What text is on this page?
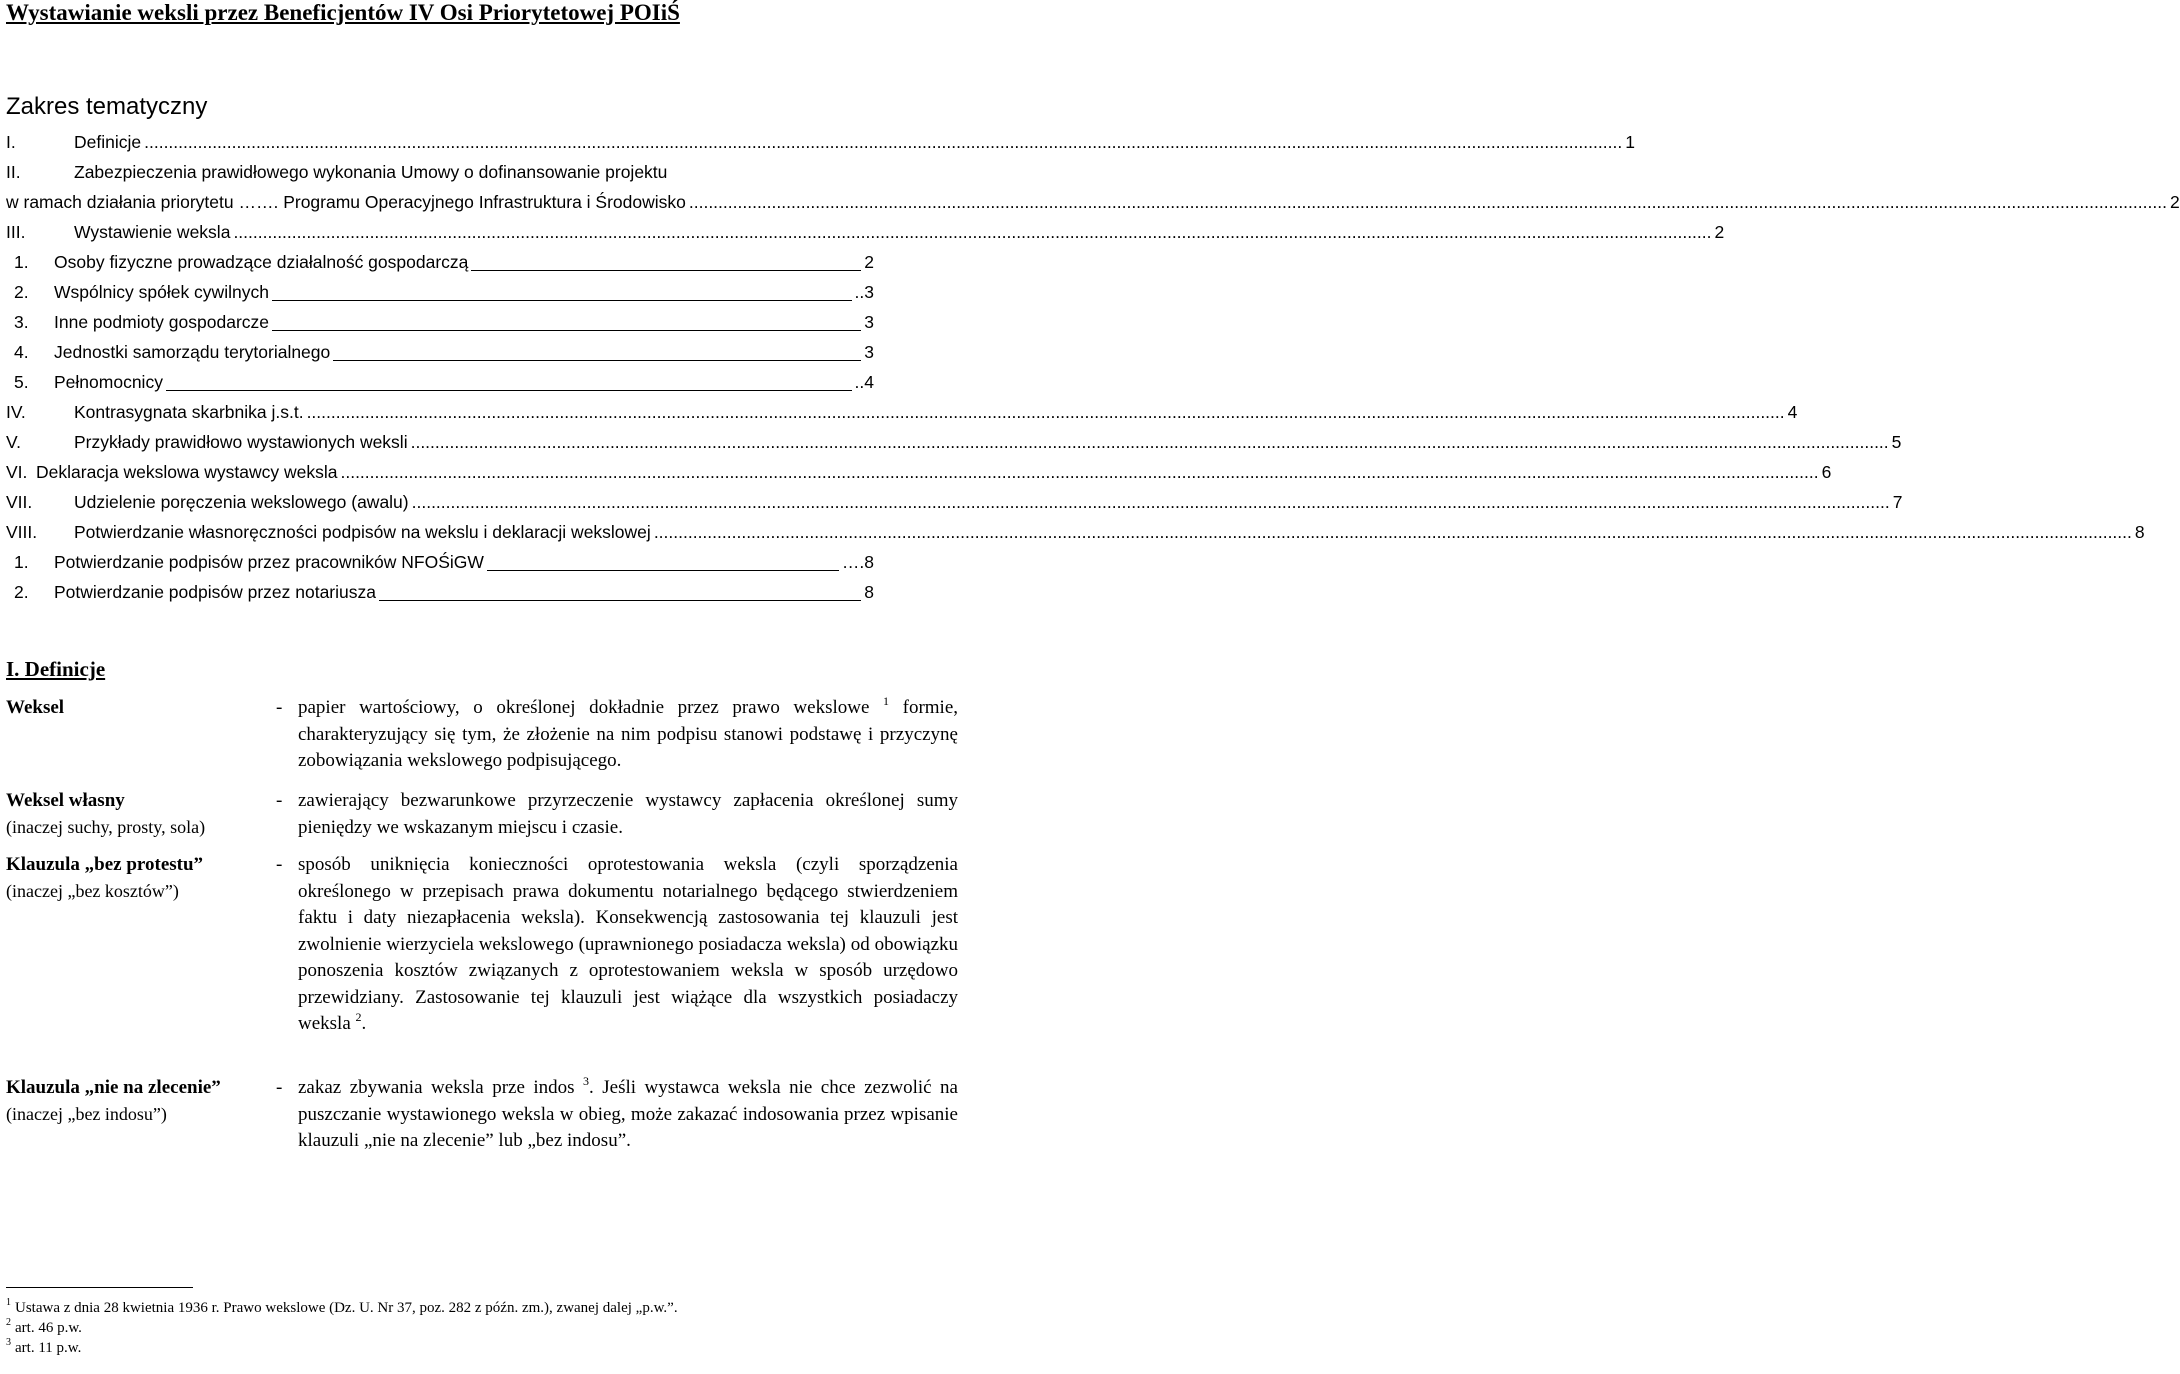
Wystawianie weksli przez Beneficjentów IV Osi Priorytetowej POIiŚ
Zakres tematyczny
I.	Definicje .....	1
II.	Zabezpieczenia prawidłowego wykonania Umowy o dofinansowanie projektu
w ramach działania priorytetu ……. Programu Operacyjnego Infrastruktura i Środowisko .....	2
III.	Wystawienie weksla .....	2
1.	Osoby fizyczne prowadzące działalność gospodarczą	2
2.	Wspólnicy spółek cywilnych	..3
3.	Inne podmioty gospodarcze	3
4.	Jednostki samorządu terytorialnego	3
5.	Pełnomocnicy	..4
IV.	Kontrasygnata skarbnika j.s.t. .....	4
V.	Przykłady prawidłowo wystawionych weksli .....	5
VI. Deklaracja wekslowa wystawcy weksla .....	6
VII.	Udzielenie poręczenia wekslowego (awalu) .....	7
VIII.	Potwierdzanie własnoręczności podpisów na wekslu i deklaracji wekslowej .....	8
1.	Potwierdzanie podpisów przez pracowników NFOŚiGW	….8
2.	Potwierdzanie podpisów przez notariusza	8
I. Definicje
Weksel	- papier wartościowy, o określonej dokładnie przez prawo wekslowe $^1$ formie, charakteryzujący się tym, że złożenie na nim podpisu stanowi podstawę i przyczynę zobowiązania wekslowego podpisującego.
Weksel własny
(inaczej suchy, prosty, sola)
- zawierający bezwarunkowe przyrzeczenie wystawcy zapłacenia określonej sumy pieniędzy we wskazanym miejscu i czasie.
Klauzula „bez protestu”
(inaczej „bez kosztów”)
- sposób uniknięcia konieczności oprotestowania weksla (czyli sporządzenia określonego w przepisach prawa dokumentu notarialnego będącego stwierdzeniem faktu i daty niezapłacenia weksla). Konsekwencją zastosowania tej klauzuli jest zwolnienie wierzyciela wekslowego (uprawnionego posiadacza weksla) od obowiązku ponoszenia kosztów związanych z oprotestowaniem weksla w sposób urzędowo przewidziany. Zastosowanie tej klauzuli jest wiążące dla wszystkich posiadaczy weksla $^2$.
Klauzula „nie na zlecenie”
(inaczej „bez indosu”)
- zakaz zbywania weksla prze indos $^3$. Jeśli wystawca weksla nie chce zezwolić na puszczanie wystawionego weksla w obieg, może zakazać indosowania przez wpisanie klauzuli „nie na zlecenie” lub „bez indosu”.
$^1$ Ustawa z dnia 28 kwietnia 1936 r. Prawo wekslowe (Dz. U. Nr 37, poz. 282 z późn. zm.), zwanej dalej „p.w.”.
$^2$ art. 46 p.w.
$^3$ art. 11 p.w.
